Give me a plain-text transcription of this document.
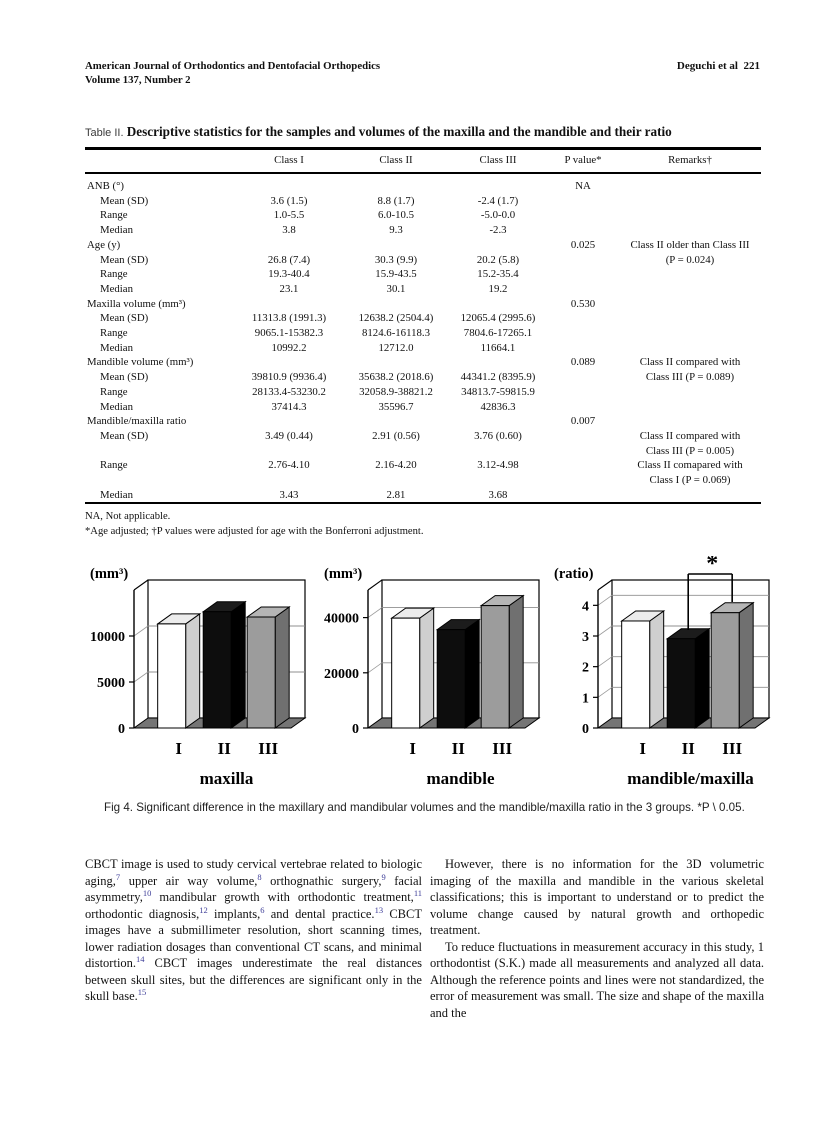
American Journal of Orthodontics and Dentofacial Orthopedics
Volume 137, Number 2
Deguchi et al 221
Table II. Descriptive statistics for the samples and volumes of the maxilla and the mandible and their ratio
	Class I	Class II	Class III	P value*	Remarks†
ANB (°)				NA	
Mean (SD)	3.6 (1.5)	8.8 (1.7)	-2.4 (1.7)		
Range	1.0-5.5	6.0-10.5	-5.0-0.0		
Median	3.8	9.3	-2.3		
Age (y)				0.025	Class II older than Class III
Mean (SD)	26.8 (7.4)	30.3 (9.9)	20.2 (5.8)		(P = 0.024)
Range	19.3-40.4	15.9-43.5	15.2-35.4		
Median	23.1	30.1	19.2		
Maxilla volume (mm³)				0.530	
Mean (SD)	11313.8 (1991.3)	12638.2 (2504.4)	12065.4 (2995.6)		
Range	9065.1-15382.3	8124.6-16118.3	7804.6-17265.1		
Median	10992.2	12712.0	11664.1		
Mandible volume (mm³)				0.089	Class II compared with
Mean (SD)	39810.9 (9936.4)	35638.2 (2018.6)	44341.2 (8395.9)		Class III (P = 0.089)
Range	28133.4-53230.2	32058.9-38821.2	34813.7-59815.9		
Median	37414.3	35596.7	42836.3		
Mandible/maxilla ratio				0.007	
Mean (SD)	3.49 (0.44)	2.91 (0.56)	3.76 (0.60)		Class II compared with
					Class III (P = 0.005)
Range	2.76-4.10	2.16-4.20	3.12-4.98		Class II comapared with
					Class I (P = 0.069)
Median	3.43	2.81	3.68		
NA, Not applicable.
*Age adjusted; †P values were adjusted for age with the Bonferroni adjustment.
0
5000
10000
I II III
(mm³)
maxilla
0
20000
40000
I II III
(mm³)
mandible
0
1
2
3
4
I II III
(ratio)
mandible/maxilla
*
Fig 4. Significant difference in the maxillary and mandibular volumes and the mandible/maxilla ratio in the 3 groups. *P \ 0.05.

CBCT image is used to study cervical vertebrae related to biologic aging,$^7$ upper air way volume,$^8$ orthognathic surgery,$^9$ facial asymmetry,$^{10}$ mandibular growth with orthodontic treatment,$^{11}$ orthodontic diagnosis,$^{12}$ implants,$^6$ and dental practice.$^{13}$ CBCT images have a submillimeter resolution, short scanning times, lower radiation dosages than conventional CT scans, and minimal distortion.$^{14}$ CBCT images underestimate the real distances between skull sites, but the differences are significant only in the skull base.$^{15}$

However, there is no information for the 3D volumetric imaging of the maxilla and mandible in the various skeletal classifications; this is important to understand or to predict the volume change caused by natural growth and orthopedic treatment.

To reduce fluctuations in measurement accuracy in this study, 1 orthodontist (S.K.) made all measurements and analyzed all data. Although the reference points and lines were not standardized, the error of measurement was small. The size and shape of the maxilla and the
